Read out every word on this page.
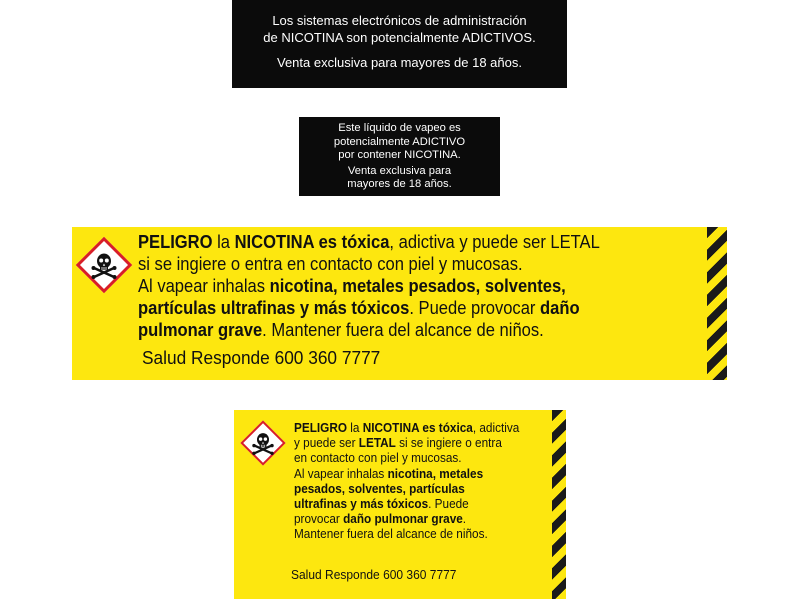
Los sistemas electrónicos de administración
de NICOTINA son potencialmente ADICTIVOS.
Venta exclusiva para mayores de 18 años.
Este líquido de vapeo es
potencialmente ADICTIVO
por contener NICOTINA.
Venta exclusiva para
mayores de 18 años.
PELIGRO la NICOTINA es tóxica, adictiva y puede ser LETAL
si se ingiere o entra en contacto con piel y mucosas.
Al vapear inhalas nicotina, metales pesados, solventes,
partículas ultrafinas y más tóxicos. Puede provocar daño
pulmonar grave. Mantener fuera del alcance de niños.
Salud Responde 600 360 7777
PELIGRO la NICOTINA es tóxica, adictiva
y puede ser LETAL si se ingiere o entra
en contacto con piel y mucosas.
Al vapear inhalas nicotina, metales
pesados, solventes, partículas
ultrafinas y más tóxicos. Puede
provocar daño pulmonar grave.
Mantener fuera del alcance de niños.
Salud Responde 600 360 7777
